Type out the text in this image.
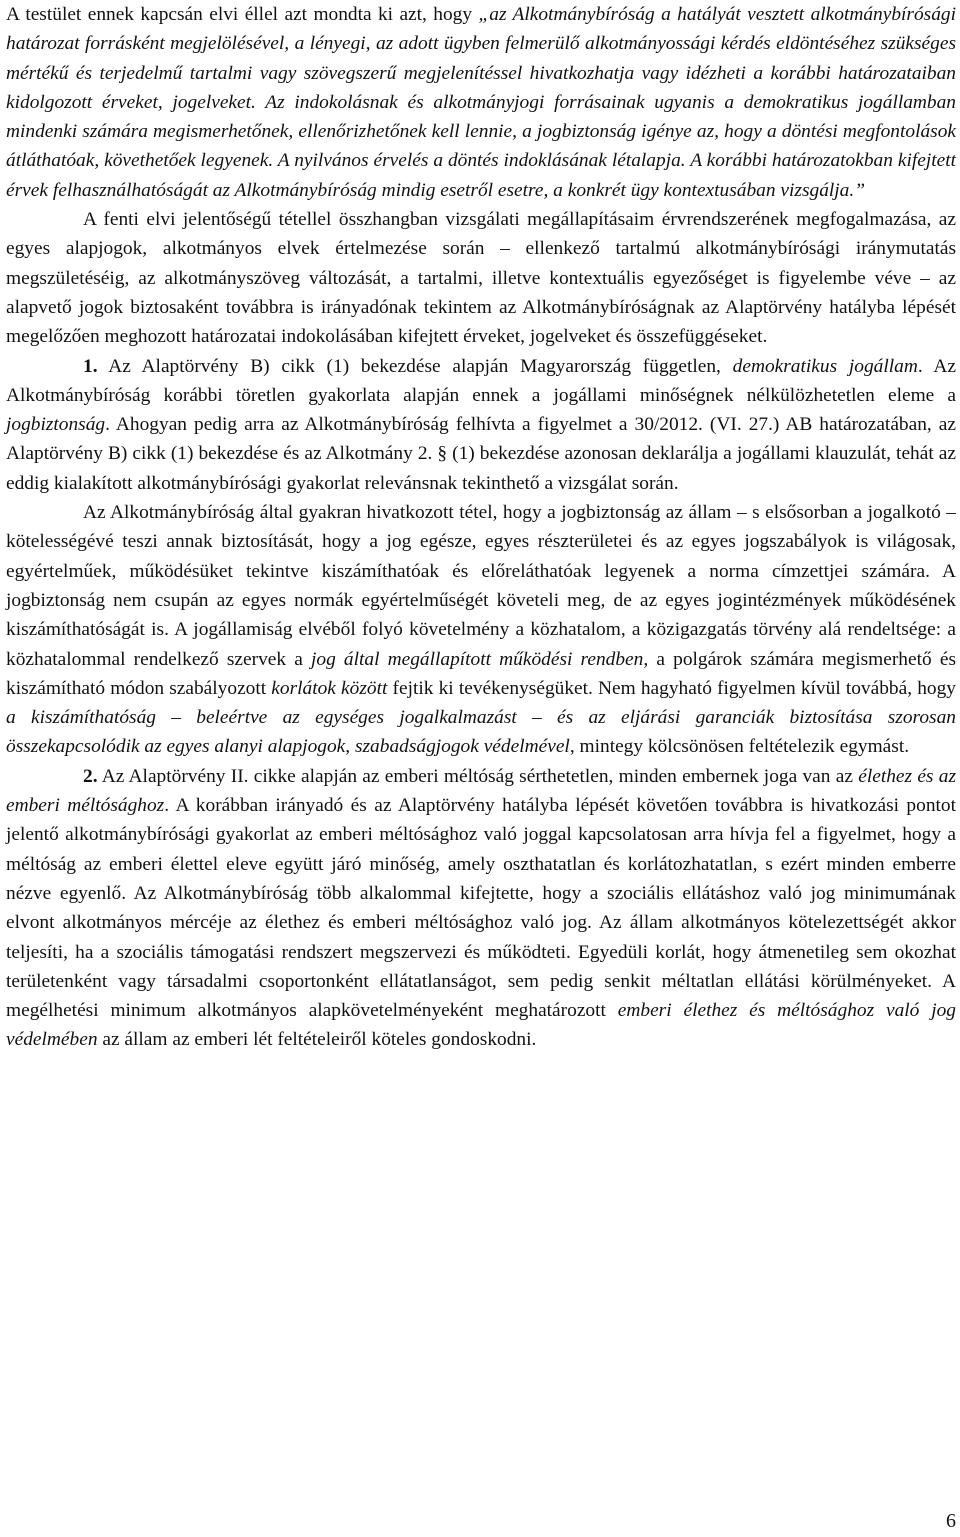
A testület ennek kapcsán elvi éllel azt mondta ki azt, hogy „az Alkotmánybíróság a hatályát vesztett alkotmánybírósági határozat forrásként megjelölésével, a lényegi, az adott ügyben felmerülő alkotmányossági kérdés eldöntéséhez szükséges mértékű és terjedelmű tartalmi vagy szövegszerű megjelenítéssel hivatkozhatja vagy idézheti a korábbi határozataiban kidolgozott érveket, jogelveket. Az indokolásnak és alkotmányjogi forrásainak ugyanis a demokratikus jogállamban mindenki számára megismerhetőnek, ellenőrizhetőnek kell lennie, a jogbiztonság igénye az, hogy a döntési megfontolások átláthatóak, követhetőek legyenek. A nyilvános érvelés a döntés indoklásának létalapja. A korábbi határozatokban kifejtett érvek felhasználhatóságát az Alkotmánybíróság mindig esetről esetre, a konkrét ügy kontextusában vizsgálja.”

A fenti elvi jelentőségű tétellel összhangban vizsgálati megállapításaim érvrendszerének megfogalmazása, az egyes alapjogok, alkotmányos elvek értelmezése során – ellenkező tartalmú alkotmánybírósági iránymutatás megszületéséig, az alkotmányszöveg változását, a tartalmi, illetve kontextuális egyezőséget is figyelembe véve – az alapvető jogok biztosaként továbbra is irányadónak tekintem az Alkotmánybíróságnak az Alaptörvény hatályba lépését megelőzően meghozott határozatai indokolásában kifejtett érveket, jogelveket és összefüggéseket.

1. Az Alaptörvény B) cikk (1) bekezdése alapján Magyarország független, demokratikus jogállam. Az Alkotmánybíróság korábbi töretlen gyakorlata alapján ennek a jogállami minőségnek nélkülözhetetlen eleme a jogbiztonság. Ahogyan pedig arra az Alkotmánybíróság felhívta a figyelmet a 30/2012. (VI. 27.) AB határozatában, az Alaptörvény B) cikk (1) bekezdése és az Alkotmány 2. § (1) bekezdése azonosan deklarálja a jogállami klauzulát, tehát az eddig kialakított alkotmánybírósági gyakorlat relevánsnak tekinthető a vizsgálat során.

Az Alkotmánybíróság által gyakran hivatkozott tétel, hogy a jogbiztonság az állam – s elsősorban a jogalkotó – kötelességévé teszi annak biztosítását, hogy a jog egésze, egyes részterületei és az egyes jogszabályok is világosak, egyértelműek, működésüket tekintve kiszámíthatóak és előreláthatóak legyenek a norma címzettjei számára. A jogbiztonság nem csupán az egyes normák egyértelműségét követeli meg, de az egyes jogintézmények működésének kiszámíthatóságát is. A jogállamiság elvéből folyó követelmény a közhatalom, a közigazgatás törvény alá rendeltsége: a közhatalommal rendelkező szervek a jog által megállapított működési rendben, a polgárok számára megismerhető és kiszámítható módon szabályozott korlátok között fejtik ki tevékenységüket. Nem hagyható figyelmen kívül továbbá, hogy a kiszámíthatóság – beleértve az egységes jogalkalmazást – és az eljárási garanciák biztosítása szorosan összekapcsolódik az egyes alanyi alapjogok, szabadságjogok védelmével, mintegy kölcsönösen feltételezik egymást.

2. Az Alaptörvény II. cikke alapján az emberi méltóság sérthetetlen, minden embernek joga van az élethez és az emberi méltósághoz. A korábban irányadó és az Alaptörvény hatályba lépését követően továbbra is hivatkozási pontot jelentő alkotmánybírósági gyakorlat az emberi méltósághoz való joggal kapcsolatosan arra hívja fel a figyelmet, hogy a méltóság az emberi élettel eleve együtt járó minőség, amely oszthatatlan és korlátozhatatlan, s ezért minden emberre nézve egyenlő. Az Alkotmánybíróság több alkalommal kifejtette, hogy a szociális ellátáshoz való jog minimumának elvont alkotmányos mércéje az élethez és emberi méltósághoz való jog. Az állam alkotmányos kötelezettségét akkor teljesíti, ha a szociális támogatási rendszert megszervezi és működteti. Egyedüli korlát, hogy átmenetileg sem okozhat területenként vagy társadalmi csoportonként ellátatlanságot, sem pedig senkit méltatlan ellátási körülményeket. A megélhetési minimum alkotmányos alapkövetelményeként meghatározott emberi élethez és méltósághoz való jog védelmében az állam az emberi lét feltételeiről köteles gondoskodni.

6
